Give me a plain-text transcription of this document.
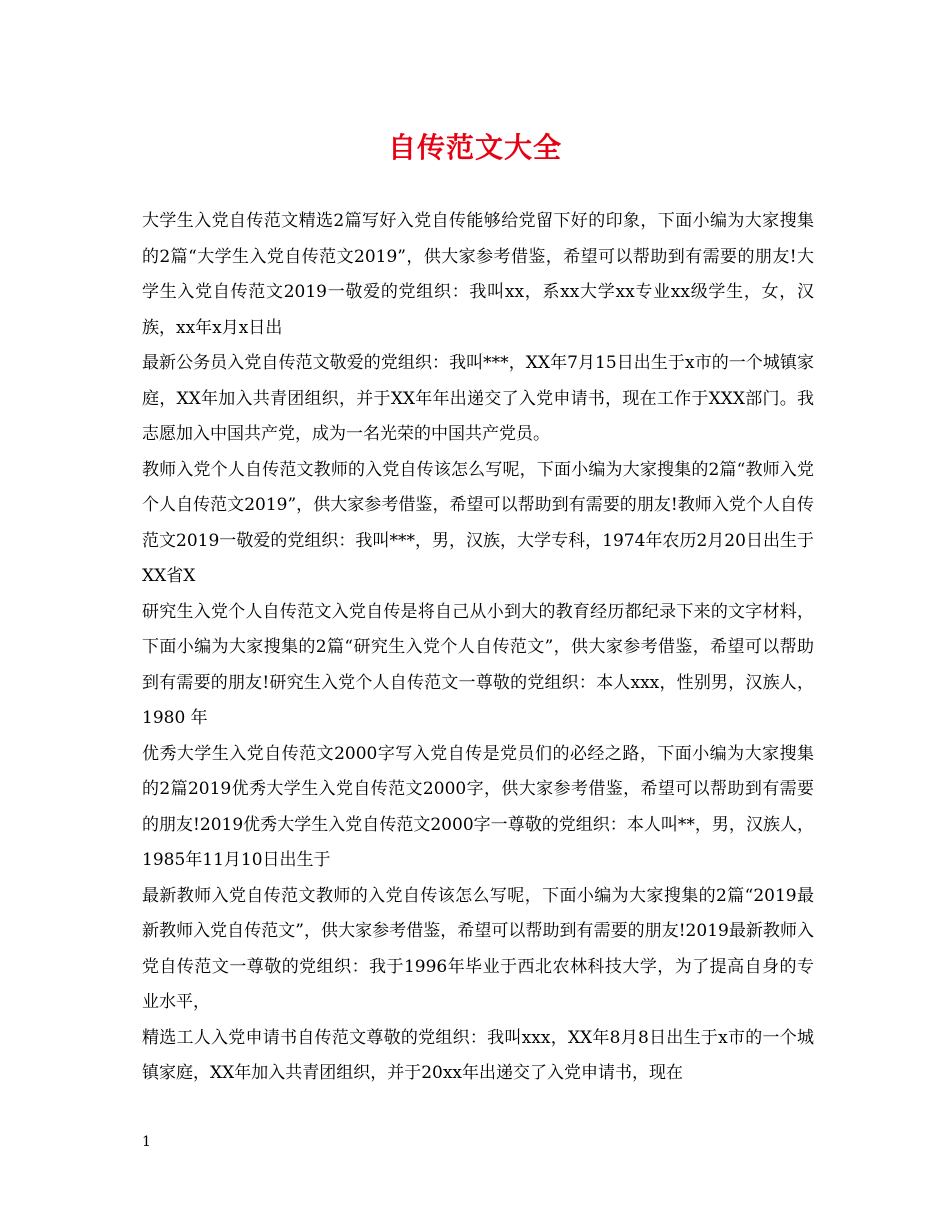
自传范文大全

大学生入党自传范文精选2篇写好入党自传能够给党留下好的印象，下面小编为大家搜集的2篇“大学生入党自传范文2019”，供大家参考借鉴，希望可以帮助到有需要的朋友!大学生入党自传范文2019一敬爱的党组织：我叫xx，系xx大学xx专业xx级学生，女，汉族，xx年x月x日出

最新公务员入党自传范文敬爱的党组织：我叫***，XX年7月15日出生于x市的一个城镇家庭，XX年加入共青团组织，并于XX年年出递交了入党申请书，现在工作于XXX部门。我志愿加入中国共产党，成为一名光荣的中国共产党员。

教师入党个人自传范文教师的入党自传该怎么写呢，下面小编为大家搜集的2篇“教师入党个人自传范文2019”，供大家参考借鉴，希望可以帮助到有需要的朋友!教师入党个人自传范文2019一敬爱的党组织：我叫***，男，汉族，大学专科，1974年农历2月20日出生于XX省X

研究生入党个人自传范文入党自传是将自己从小到大的教育经历都纪录下来的文字材料，下面小编为大家搜集的2篇“研究生入党个人自传范文”，供大家参考借鉴，希望可以帮助到有需要的朋友!研究生入党个人自传范文一尊敬的党组织：本人xxx，性别男，汉族人，1980 年

优秀大学生入党自传范文2000字写入党自传是党员们的必经之路，下面小编为大家搜集的2篇2019优秀大学生入党自传范文2000字，供大家参考借鉴，希望可以帮助到有需要的朋友!2019优秀大学生入党自传范文2000字一尊敬的党组织：本人叫**，男，汉族人，1985年11月10日出生于

最新教师入党自传范文教师的入党自传该怎么写呢，下面小编为大家搜集的2篇“2019最新教师入党自传范文”，供大家参考借鉴，希望可以帮助到有需要的朋友!2019最新教师入党自传范文一尊敬的党组织：我于1996年毕业于西北农林科技大学，为了提高自身的专业水平，

精选工人入党申请书自传范文尊敬的党组织：我叫xxx，XX年8月8日出生于x市的一个城镇家庭，XX年加入共青团组织，并于20xx年出递交了入党申请书，现在

1
